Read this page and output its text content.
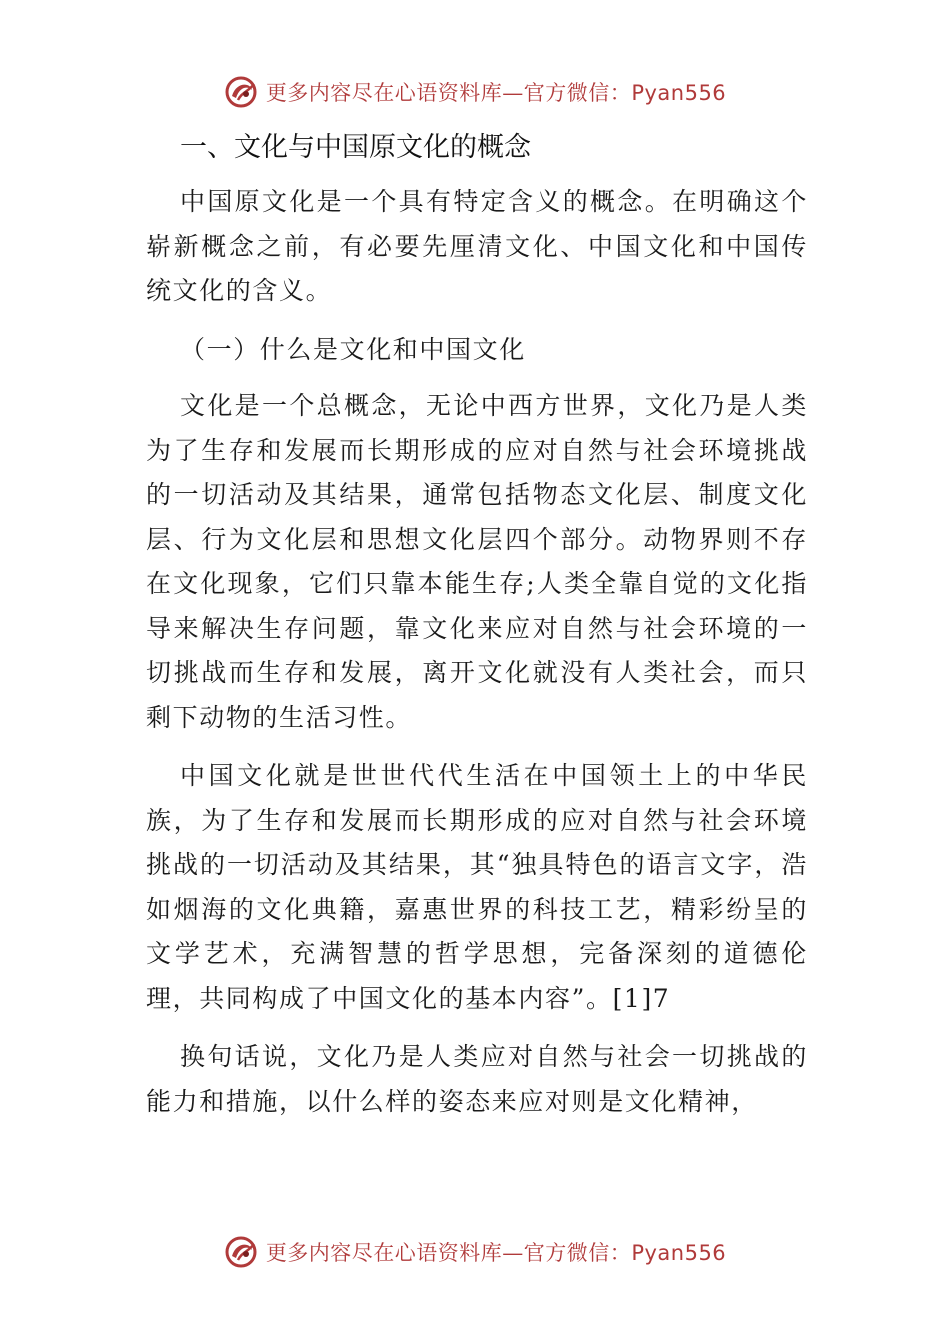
更多内容尽在心语资料库—官方微信：Pyan556
一、文化与中国原文化的概念

中国原文化是一个具有特定含义的概念。在明确这个崭新概念之前，有必要先厘清文化、中国文化和中国传统文化的含义。

（一）什么是文化和中国文化

文化是一个总概念，无论中西方世界，文化乃是人类为了生存和发展而长期形成的应对自然与社会环境挑战的一切活动及其结果，通常包括物态文化层、制度文化层、行为文化层和思想文化层四个部分。动物界则不存在文化现象，它们只靠本能生存;人类全靠自觉的文化指导来解决生存问题，靠文化来应对自然与社会环境的一切挑战而生存和发展，离开文化就没有人类社会，而只剩下动物的生活习性。

中国文化就是世世代代生活在中国领土上的中华民族，为了生存和发展而长期形成的应对自然与社会环境挑战的一切活动及其结果，其“独具特色的语言文字，浩如烟海的文化典籍，嘉惠世界的科技工艺，精彩纷呈的文学艺术，充满智慧的哲学思想，完备深刻的道德伦理，共同构成了中国文化的基本内容”。[1]7

换句话说，文化乃是人类应对自然与社会一切挑战的能力和措施，以什么样的姿态来应对则是文化精神，

更多内容尽在心语资料库—官方微信：Pyan556
